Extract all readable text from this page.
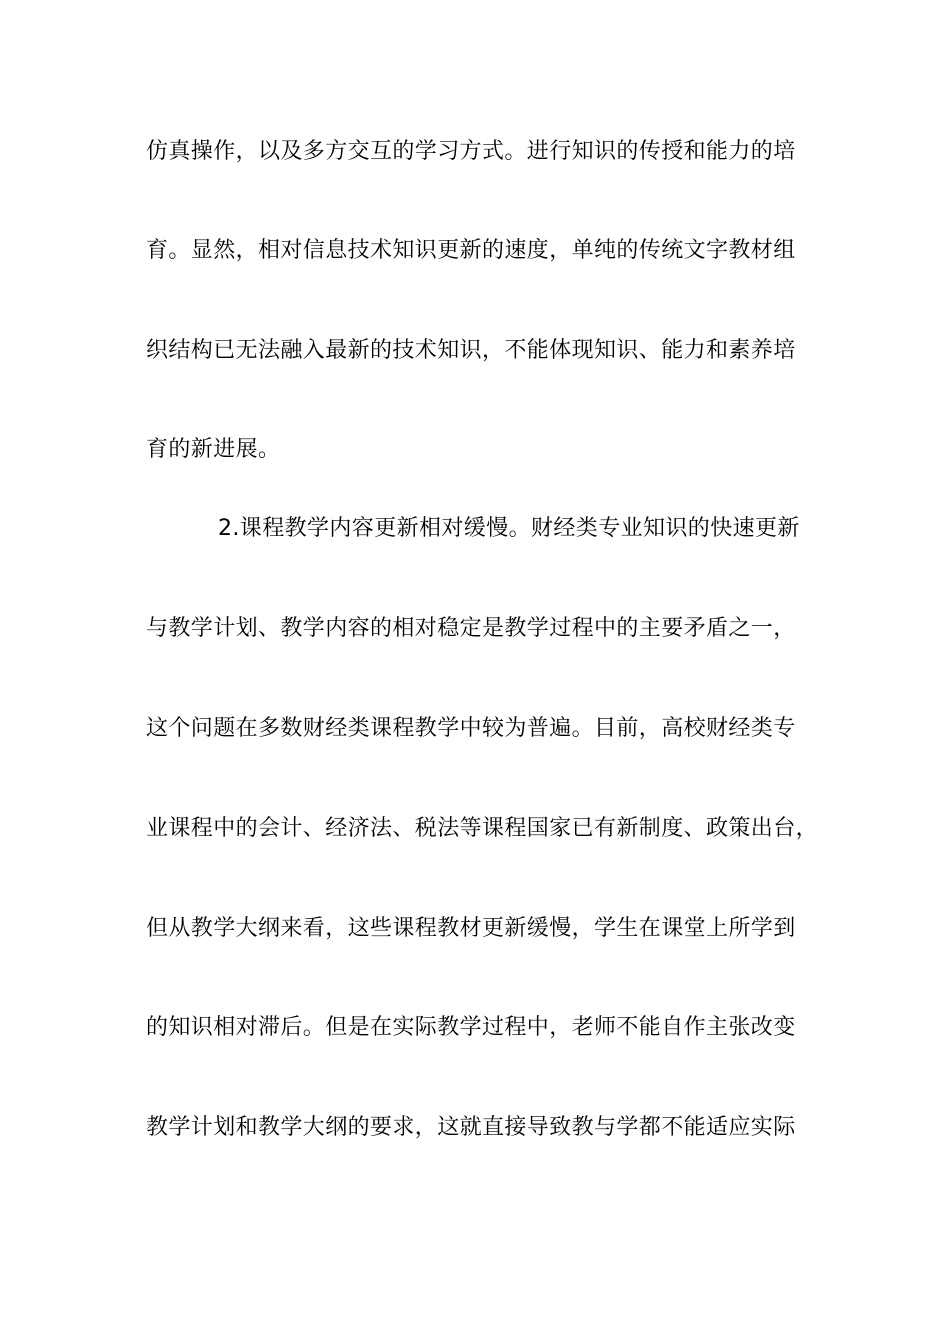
仿真操作，以及多方交互的学习方式。进行知识的传授和能力的培
育。显然，相对信息技术知识更新的速度，单纯的传统文字教材组
织结构已无法融入最新的技术知识，不能体现知识、能力和素养培
育的新进展。
2.课程教学内容更新相对缓慢。财经类专业知识的快速更新
与教学计划、教学内容的相对稳定是教学过程中的主要矛盾之一，
这个问题在多数财经类课程教学中较为普遍。目前，高校财经类专
业课程中的会计、经济法、税法等课程国家已有新制度、政策出台，
但从教学大纲来看，这些课程教材更新缓慢，学生在课堂上所学到
的知识相对滞后。但是在实际教学过程中，老师不能自作主张改变
教学计划和教学大纲的要求，这就直接导致教与学都不能适应实际
